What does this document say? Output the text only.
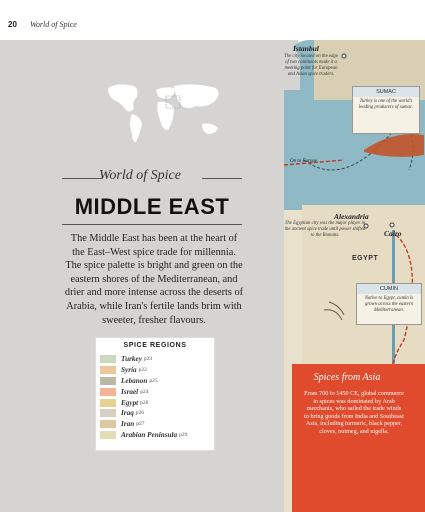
20 World of Spice
World of Spice
MIDDLE EAST
The Middle East has been at the heart of the East–West spice trade for millennia. The spice palette is bright and green on the eastern shores of the Mediterranean, and drier and more intense across the deserts of Arabia, while Iran's fertile lands brim with sweeter, fresher flavours.
SPICE REGIONS
Turkey p23
Syria p22
Lebanon p25
Israel p24
Egypt p28
Iraq p26
Iran p27
Arabian Peninsula p29
Istanbul
The city located on the edge of two continents made it a meeting point for European and Asian spice traders.
SUMAC
Turkey is one of the world's leading producers of sumac.
On to Europe
Alexandria
The Egyptian city was the major player in the ancient spice trade until power shifted to the Romans.	Cairo
EGYPT
CUMIN
Native to Egypt, cumin is grown across the eastern Mediterranean.
Spices from Asia
From 700 to 1450 CE, global commerce in spices was dominated by Arab merchants, who sailed the trade winds to bring goods from India and Southeast Asia, including turmeric, black pepper, cloves, nutmeg, and nigella.
